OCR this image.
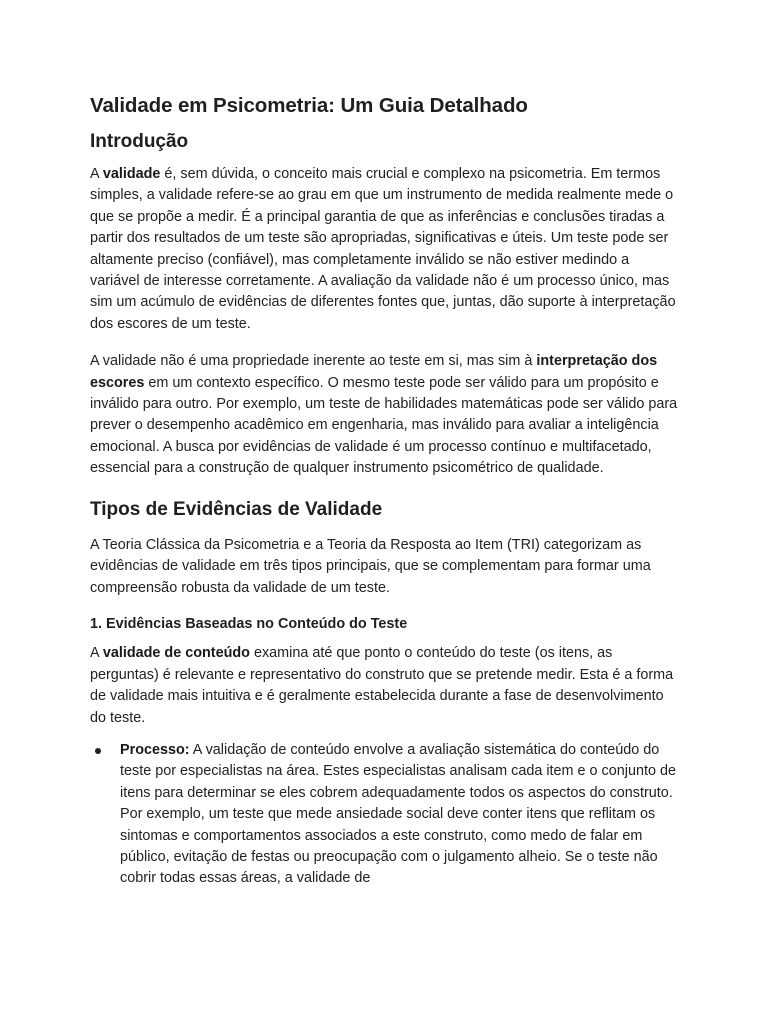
Validade em Psicometria: Um Guia Detalhado
Introdução

A validade é, sem dúvida, o conceito mais crucial e complexo na psicometria. Em termos simples, a validade refere-se ao grau em que um instrumento de medida realmente mede o que se propõe a medir. É a principal garantia de que as inferências e conclusões tiradas a partir dos resultados de um teste são apropriadas, significativas e úteis. Um teste pode ser altamente preciso (confiável), mas completamente inválido se não estiver medindo a variável de interesse corretamente. A avaliação da validade não é um processo único, mas sim um acúmulo de evidências de diferentes fontes que, juntas, dão suporte à interpretação dos escores de um teste.

A validade não é uma propriedade inerente ao teste em si, mas sim à interpretação dos escores em um contexto específico. O mesmo teste pode ser válido para um propósito e inválido para outro. Por exemplo, um teste de habilidades matemáticas pode ser válido para prever o desempenho acadêmico em engenharia, mas inválido para avaliar a inteligência emocional. A busca por evidências de validade é um processo contínuo e multifacetado, essencial para a construção de qualquer instrumento psicométrico de qualidade.

Tipos de Evidências de Validade

A Teoria Clássica da Psicometria e a Teoria da Resposta ao Item (TRI) categorizam as evidências de validade em três tipos principais, que se complementam para formar uma compreensão robusta da validade de um teste.

1. Evidências Baseadas no Conteúdo do Teste

A validade de conteúdo examina até que ponto o conteúdo do teste (os itens, as perguntas) é relevante e representativo do construto que se pretende medir. Esta é a forma de validade mais intuitiva e é geralmente estabelecida durante a fase de desenvolvimento do teste.

Processo: A validação de conteúdo envolve a avaliação sistemática do conteúdo do teste por especialistas na área. Estes especialistas analisam cada item e o conjunto de itens para determinar se eles cobrem adequadamente todos os aspectos do construto. Por exemplo, um teste que mede ansiedade social deve conter itens que reflitam os sintomas e comportamentos associados a este construto, como medo de falar em público, evitação de festas ou preocupação com o julgamento alheio. Se o teste não cobrir todas essas áreas, a validade de
